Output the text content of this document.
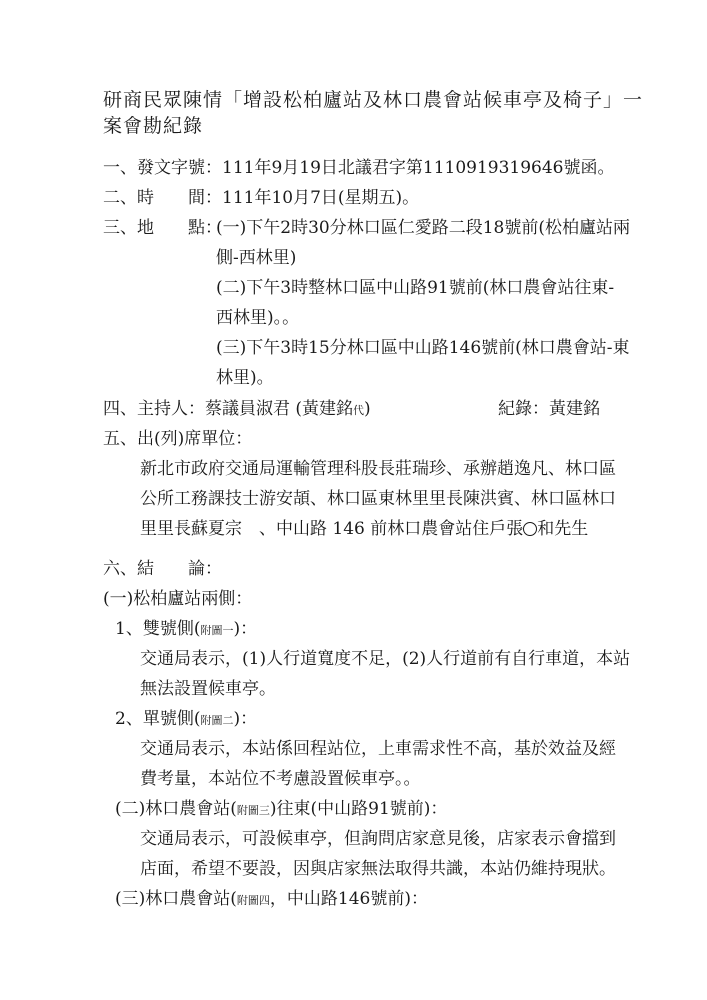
研商民眾陳情「增設松柏廬站及林口農會站候車亭及椅子」一
案會勘紀錄
一、發文字號：111年9月19日北議君字第1110919319646號函。
二、時　　間：111年10月7日(星期五)。
三、地　　點：
(一)下午2時30分林口區仁愛路二段18號前(松柏廬站兩
側-西林里)
(二)下午3時整林口區中山路91號前(林口農會站往東-
西林里)。。
(三)下午3時15分林口區中山路146號前(林口農會站-東
林里)。
四、主持人：蔡議員淑君 (黃建銘代)	紀錄：黃建銘
五、出(列)席單位：
新北市政府交通局運輸管理科股長莊瑞珍、承辦趙逸凡、林口區
公所工務課技士游安頡、林口區東林里里長陳洪賓、林口區林口
里里長蘇夏宗　、中山路 146 前林口農會站住戶張○和先生
六、結　　論：
(一)松柏廬站兩側：
1、雙號側(附圖一)：
交通局表示，(1)人行道寬度不足，(2)人行道前有自行車道，本站
無法設置候車亭。
2、單號側(附圖二)：
交通局表示，本站係回程站位，上車需求性不高，基於效益及經
費考量，本站位不考慮設置候車亭。。
(二)林口農會站(附圖三)往東(中山路91號前)：
交通局表示，可設候車亭，但詢問店家意見後，店家表示會擋到
店面，希望不要設，因與店家無法取得共識，本站仍維持現狀。
(三)林口農會站(附圖四，中山路146號前)：
